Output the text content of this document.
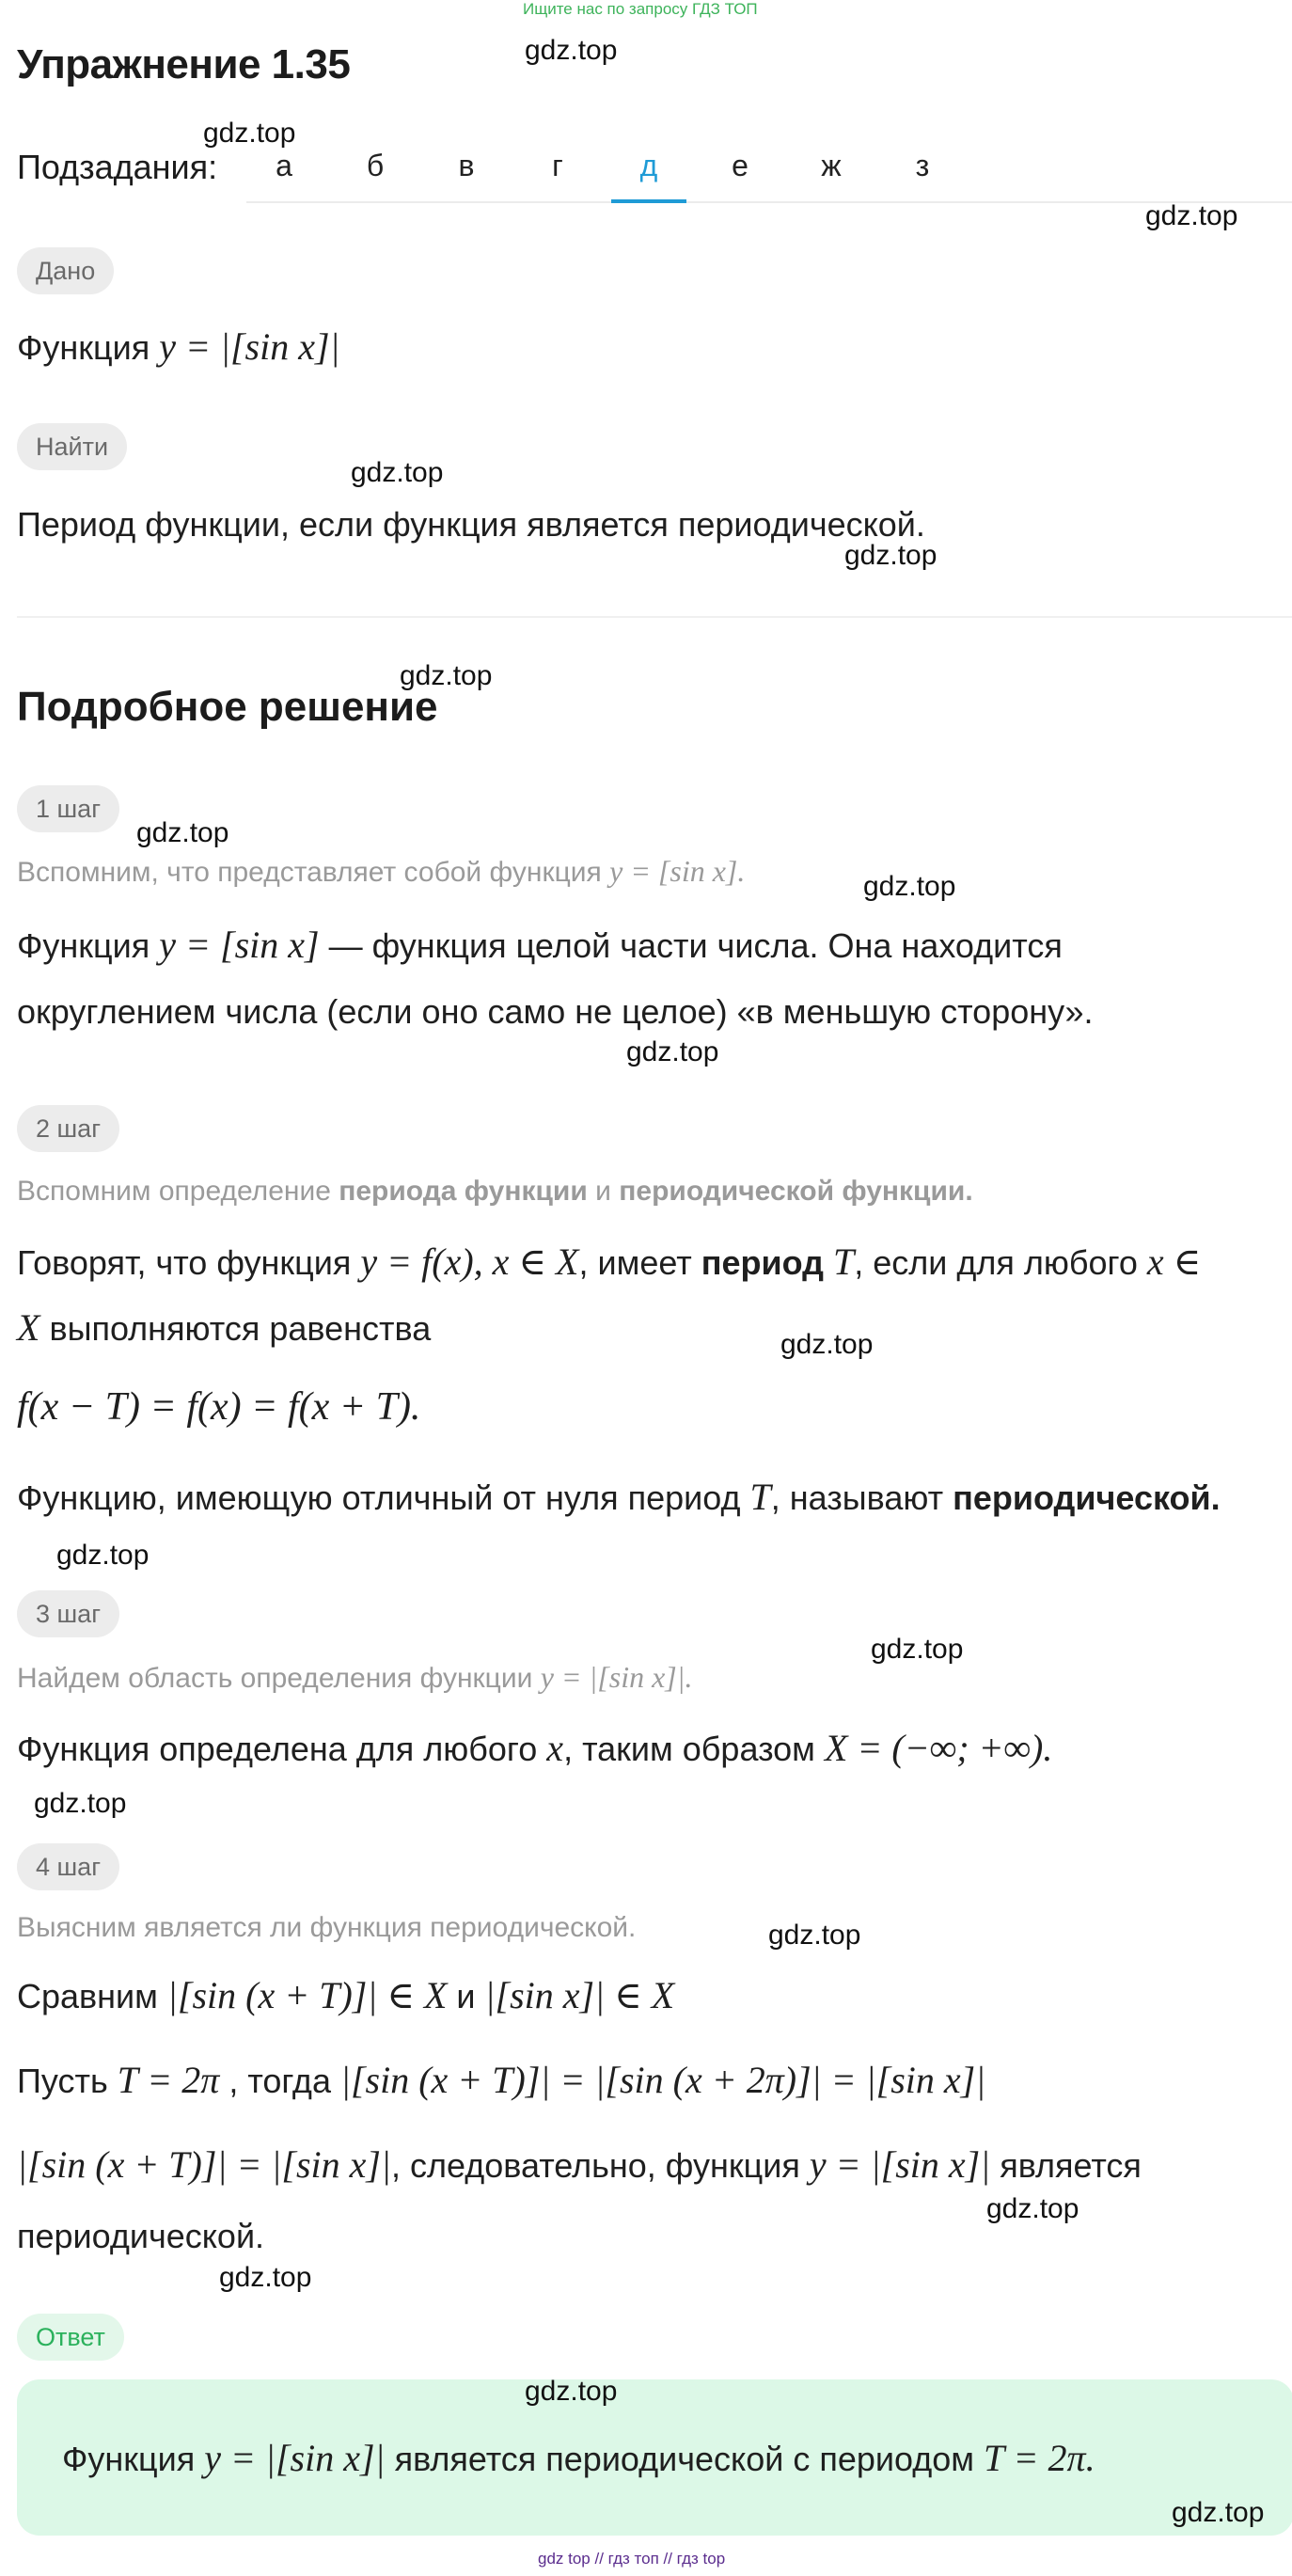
Ищите нас по запросу ГДЗ ТОП
Упражнение 1.35
Подзадания:	а	б	в	г	д	е	ж	з
Дано
Функция y = |[sin x]|
Найти
Период функции, если функция является периодической.
Подробное решение
1 шаг
Вспомним, что представляет собой функция y = [sin x].
Функция y = [sin x] — функция целой части числа. Она находится
округлением числа (если оно само не целое) «в меньшую сторону».
2 шаг
Вспомним определение периода функции и периодической функции.
Говорят, что функция y = f(x), x ∈ X, имеет период T, если для любого x ∈
X выполняются равенства
f(x − T) = f(x) = f(x + T).
Функцию, имеющую отличный от нуля период T, называют периодической.
3 шаг
Найдем область определения функции y = |[sin x]|.
Функция определена для любого x, таким образом X = (−∞; +∞).
4 шаг
Выясним является ли функция периодической.
Сравним |[sin (x + T)]| ∈ X и |[sin x]| ∈ X
Пусть T = 2π , тогда |[sin (x + T)]| = |[sin (x + 2π)]| = |[sin x]|
|[sin (x + T)]| = |[sin x]|, следовательно, функция y = |[sin x]| является
периодической.
Ответ
Функция y = |[sin x]| является периодической с периодом T = 2π.
gdz.top
gdz.top
gdz.top
gdz.top
gdz.top
gdz.top
gdz.top
gdz.top
gdz.top
gdz.top
gdz.top
gdz.top
gdz.top
gdz.top
gdz.top
gdz.top
gdz.top
gdz.top
gdz top // гдз топ // гдз top
